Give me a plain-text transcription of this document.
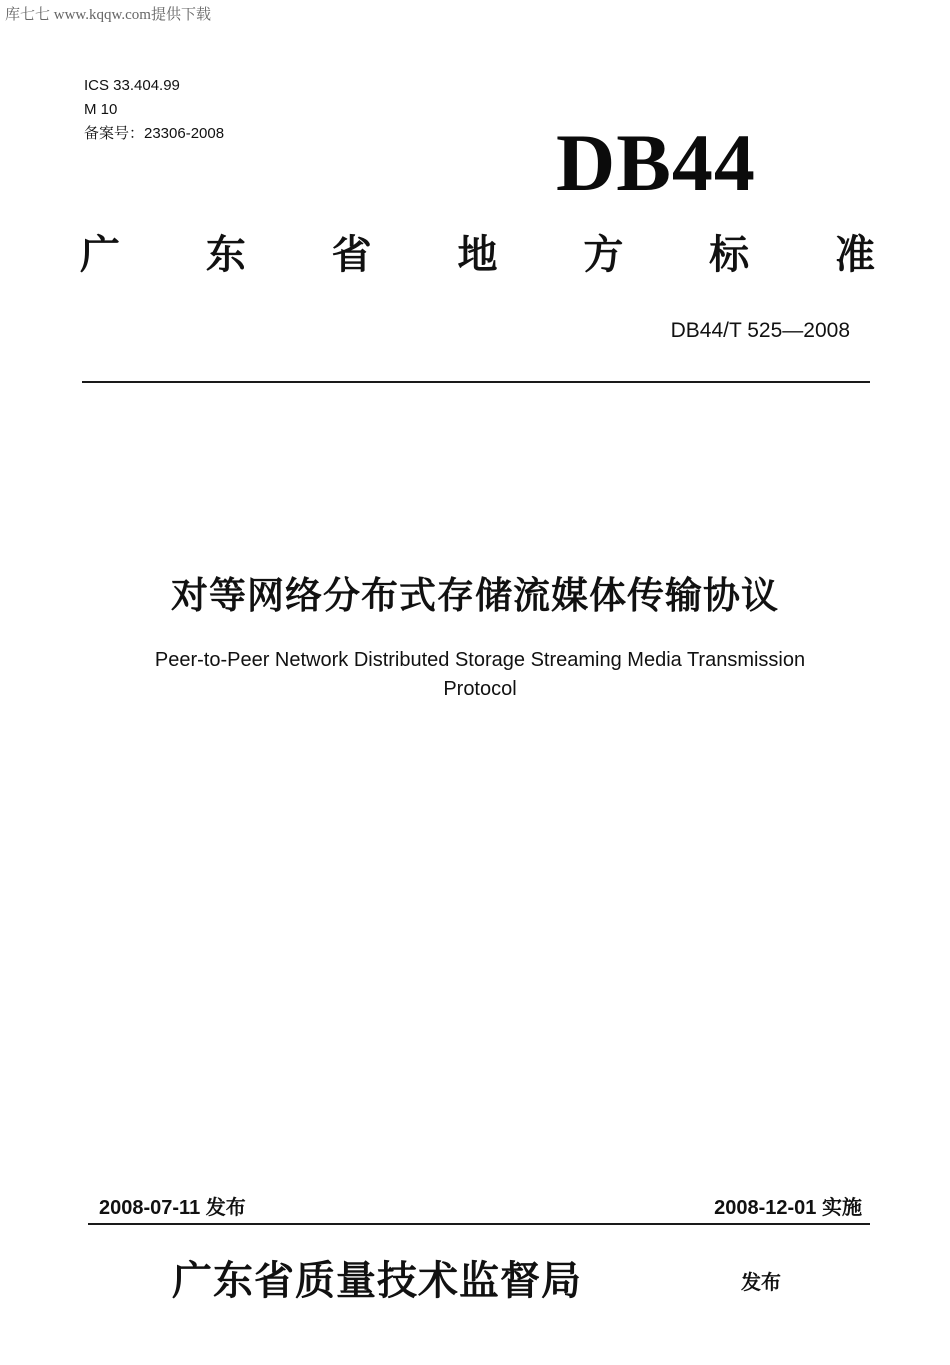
库七七 www.kqqw.com提供下载
ICS 33.404.99
M 10
备案号：23306-2008	DB44
广 东 省 地 方 标 准
DB44/T 525—2008
对等网络分布式存储流媒体传输协议
Peer-to-Peer Network Distributed Storage Streaming Media Transmission
Protocol
2008-07-11 发布	2008-12-01 实施
广东省质量技术监督局	发布
